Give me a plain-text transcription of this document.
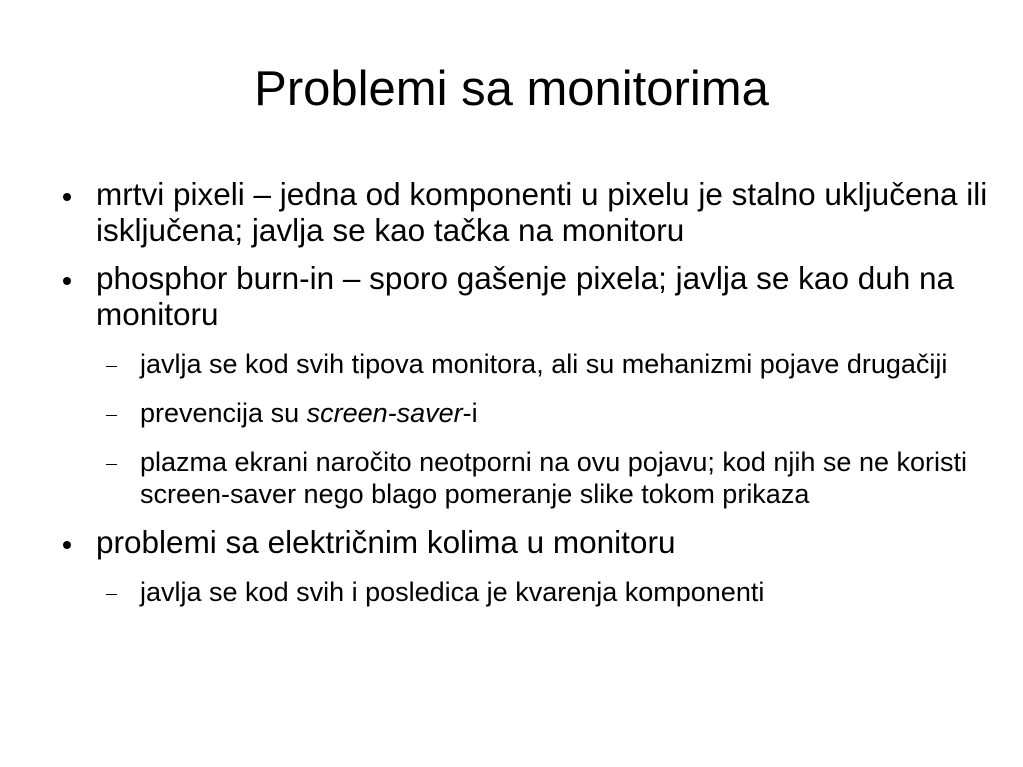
Problemi sa monitorima
mrtvi pixeli – jedna od komponenti u pixelu je stalno uključena ili isključena; javlja se kao tačka na monitoru
phosphor burn-in – sporo gašenje pixela; javlja se kao duh na monitoru
javlja se kod svih tipova monitora, ali su mehanizmi pojave drugačiji
prevencija su screen-saver-i
plazma ekrani naročito neotporni na ovu pojavu; kod njih se ne koristi screen-saver nego blago pomeranje slike tokom prikaza
problemi sa električnim kolima u monitoru
javlja se kod svih i posledica je kvarenja komponenti
